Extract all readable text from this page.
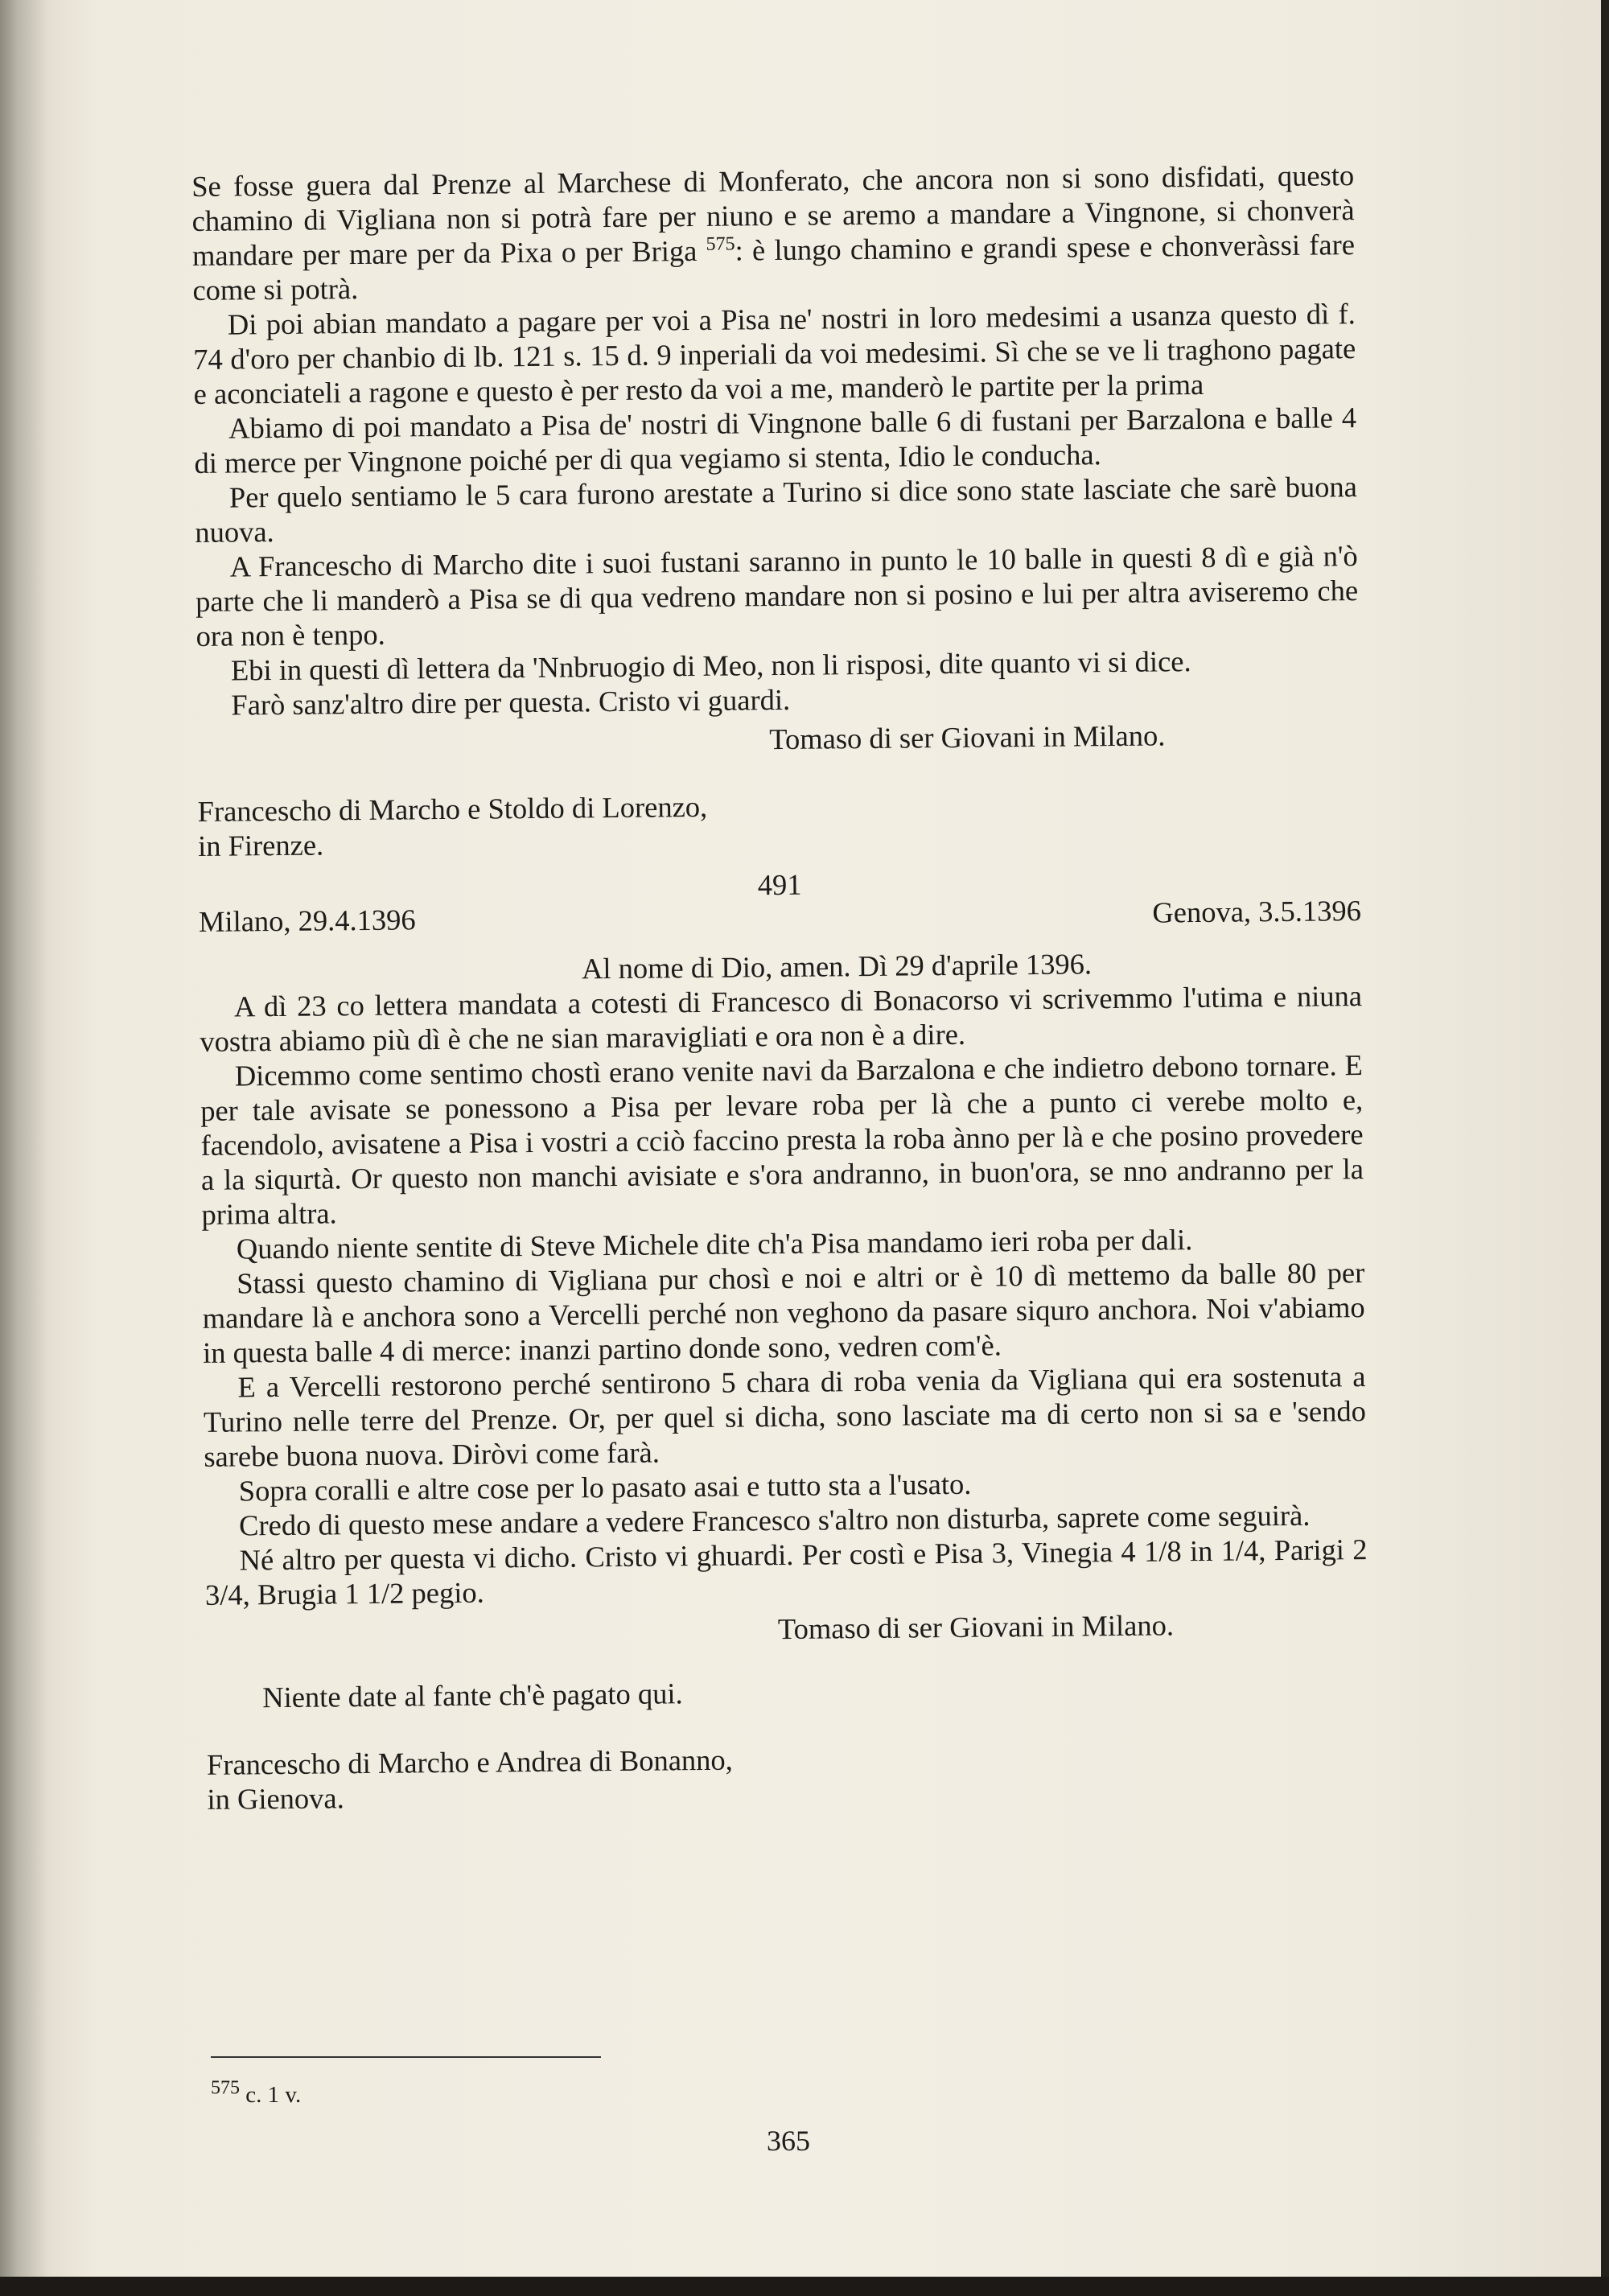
Se fosse guera dal Prenze al Marchese di Monferato, che ancora non si sono disfidati, questo chamino di Vigliana non si potrà fare per niuno e se aremo a mandare a Vingnone, si chonverà mandare per mare per da Pixa o per Briga $^{575}$: è lungo chamino e grandi spese e chonveràssi fare come si potrà.

Di poi abian mandato a pagare per voi a Pisa ne' nostri in loro medesimi a usanza questo dì f. 74 d'oro per chanbio di lb. 121 s. 15 d. 9 inperiali da voi medesimi. Sì che se ve li traghono pagate e aconciateli a ragone e questo è per resto da voi a me, manderò le partite per la prima

Abiamo di poi mandato a Pisa de' nostri di Vingnone balle 6 di fustani per Barzalona e balle 4 di merce per Vingnone poiché per di qua vegiamo si stenta, Idio le conducha.

Per quelo sentiamo le 5 cara furono arestate a Turino si dice sono state lasciate che sarè buona nuova.

A Francescho di Marcho dite i suoi fustani saranno in punto le 10 balle in questi 8 dì e già n'ò parte che li manderò a Pisa se di qua vedreno mandare non si posino e lui per altra aviseremo che ora non è tenpo.

Ebi in questi dì lettera da 'Nnbruogio di Meo, non li risposi, dite quanto vi si dice.

Farò sanz'altro dire per questa. Cristo vi guardi.

Tomaso di ser Giovani in Milano.

Francescho di Marcho e Stoldo di Lorenzo,

in Firenze.

491

Milano, 29.4.1396	Genova, 3.5.1396

Al nome di Dio, amen. Dì 29 d'aprile 1396.

A dì 23 co lettera mandata a cotesti di Francesco di Bonacorso vi scrivemmo l'utima e niuna vostra abiamo più dì è che ne sian maravigliati e ora non è a dire.

Dicemmo come sentimo chostì erano venite navi da Barzalona e che indietro debono tornare. E per tale avisate se ponessono a Pisa per levare roba per là che a punto ci verebe molto e, facendolo, avisatene a Pisa i vostri a cciò faccino presta la roba ànno per là e che posino provedere a la siqurtà. Or questo non manchi avisiate e s'ora andranno, in buon'ora, se nno andranno per la prima altra.

Quando niente sentite di Steve Michele dite ch'a Pisa mandamo ieri roba per dali.

Stassi questo chamino di Vigliana pur chosì e noi e altri or è 10 dì mettemo da balle 80 per mandare là e anchora sono a Vercelli perché non veghono da pasare siquro anchora. Noi v'abiamo in questa balle 4 di merce: inanzi partino donde sono, vedren com'è.

E a Vercelli restorono perché sentirono 5 chara di roba venia da Vigliana qui era sostenuta a Turino nelle terre del Prenze. Or, per quel si dicha, sono lasciate ma di certo non si sa e 'sendo sarebe buona nuova. Diròvi come farà.

Sopra coralli e altre cose per lo pasato asai e tutto sta a l'usato.

Credo di questo mese andare a vedere Francesco s'altro non disturba, saprete come seguirà.

Né altro per questa vi dicho. Cristo vi ghuardi. Per costì e Pisa 3, Vinegia 4 1/8 in 1/4, Parigi 2 3/4, Brugia 1 1/2 pegio.

Tomaso di ser Giovani in Milano.

Niente date al fante ch'è pagato qui.

Francescho di Marcho e Andrea di Bonanno,

in Gienova.

$^{575}$ c. 1 v.
365
